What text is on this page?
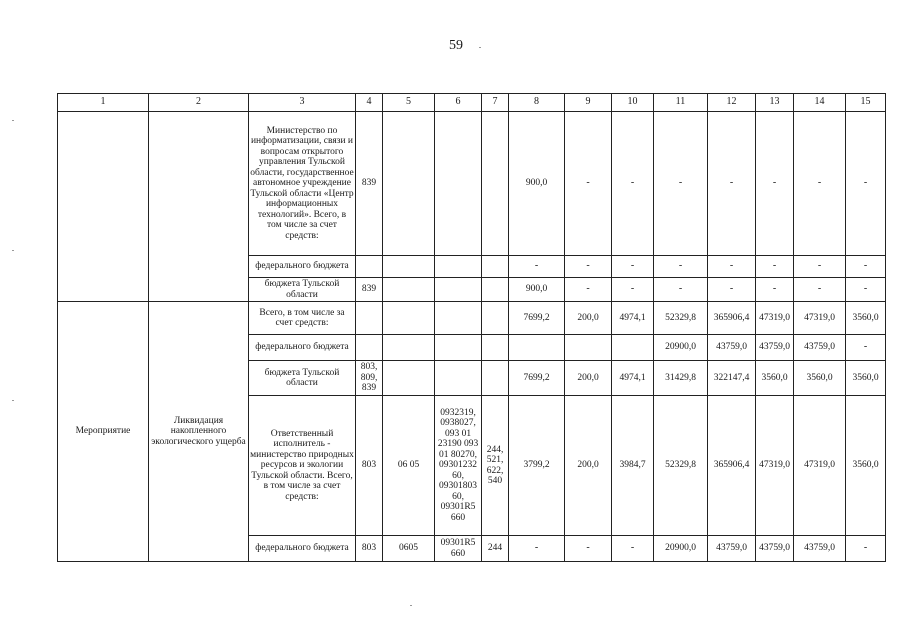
59
1	2	3	4	5	6	7	8	9	10	11	12	13	14	15
		Министерство по информатизации, связи и вопросам открытого управления Тульской области, государственное автономное учреждение Тульской области «Центр информационных технологий». Всего, в том числе за счет средств:	839				900,0	-	-	-	-	-	-	-
		федерального бюджета					-	-	-	-	-	-	-	-
		бюджета Тульской области	839				900,0	-	-	-	-	-	-	-
Мероприятие	Ликвидация накопленного экологического ущерба	Всего, в том числе за счет средств:					7699,2	200,0	4974,1	52329,8	365906,4	47319,0	47319,0	3560,0
		федерального бюджета								20900,0	43759,0	43759,0	43759,0	-
		бюджета Тульской области	803, 809, 839				7699,2	200,0	4974,1	31429,8	322147,4	3560,0	3560,0	3560,0
		Ответственный исполнитель - министерство природных ресурсов и экологии Тульской области. Всего, в том числе за счет средств:	803	06 05	0932319, 0938027, 093 01 23190 093 01 80270, 09301232 60, 09301803 60, 09301R5 660	244, 521, 622, 540	3799,2	200,0	3984,7	52329,8	365906,4	47319,0	47319,0	3560,0
		федерального бюджета	803	0605	09301R5 660	244	-	-	-	20900,0	43759,0	43759,0	43759,0	-
